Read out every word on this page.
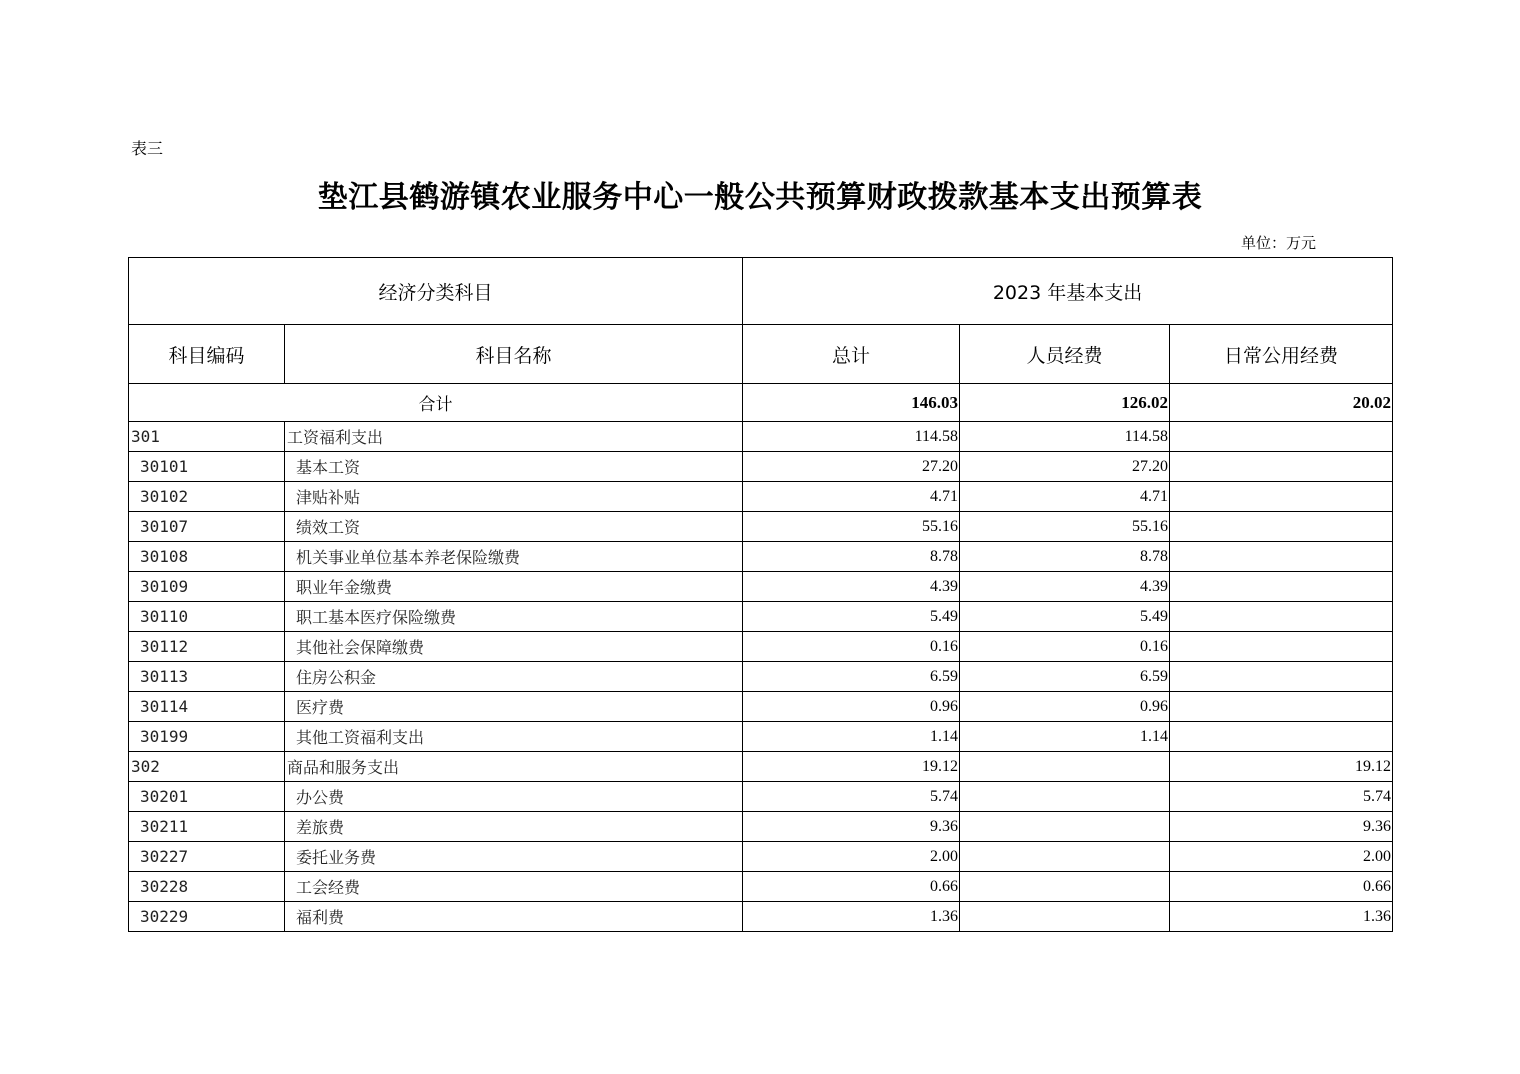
表三
垫江县鹤游镇农业服务中心一般公共预算财政拨款基本支出预算表
单位：万元
经济分类科目		2023 年基本支出		
科目编码	科目名称	总计	人员经费	日常公用经费
合计		146.03	126.02	20.02
301	工资福利支出	114.58	114.58	
30101	基本工资	27.20	27.20	
30102	津贴补贴	4.71	4.71	
30107	绩效工资	55.16	55.16	
30108	机关事业单位基本养老保险缴费	8.78	8.78	
30109	职业年金缴费	4.39	4.39	
30110	职工基本医疗保险缴费	5.49	5.49	
30112	其他社会保障缴费	0.16	0.16	
30113	住房公积金	6.59	6.59	
30114	医疗费	0.96	0.96	
30199	其他工资福利支出	1.14	1.14	
302	商品和服务支出	19.12		19.12
30201	办公费	5.74		5.74
30211	差旅费	9.36		9.36
30227	委托业务费	2.00		2.00
30228	工会经费	0.66		0.66
30229	福利费	1.36		1.36
